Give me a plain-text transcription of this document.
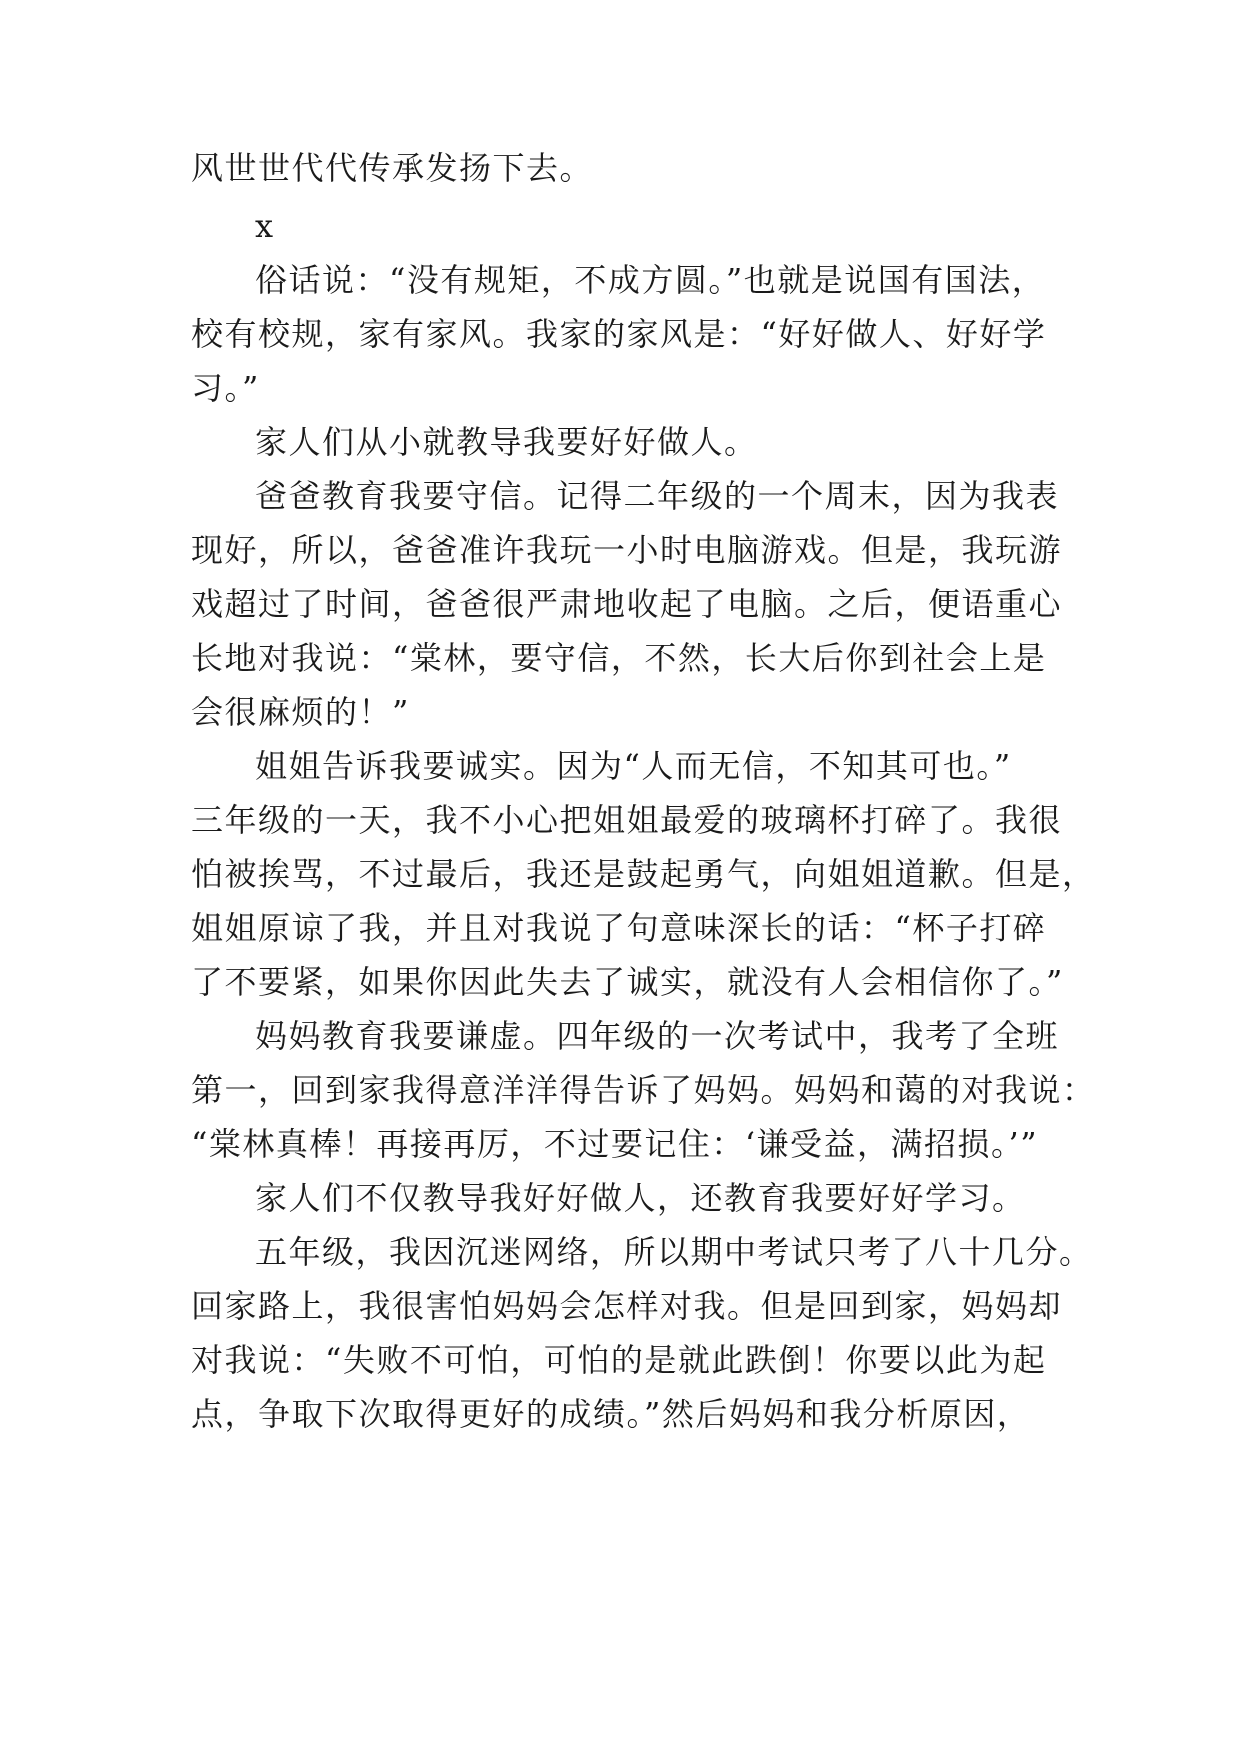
风世世代代传承发扬下去。
x
俗话说：“没有规矩，不成方圆。”也就是说国有国法，
校有校规，家有家风。我家的家风是：“好好做人、好好学
习。”
家人们从小就教导我要好好做人。
爸爸教育我要守信。记得二年级的一个周末，因为我表
现好，所以，爸爸准许我玩一小时电脑游戏。但是，我玩游
戏超过了时间，爸爸很严肃地收起了电脑。之后，便语重心
长地对我说：“棠林，要守信，不然，长大后你到社会上是
会很麻烦的！”
姐姐告诉我要诚实。因为“人而无信，不知其可也。”
三年级的一天，我不小心把姐姐最爱的玻璃杯打碎了。我很
怕被挨骂，不过最后，我还是鼓起勇气，向姐姐道歉。但是，
姐姐原谅了我，并且对我说了句意味深长的话：“杯子打碎
了不要紧，如果你因此失去了诚实，就没有人会相信你了。”
妈妈教育我要谦虚。四年级的一次考试中，我考了全班
第一，回到家我得意洋洋得告诉了妈妈。妈妈和蔼的对我说：
“棠林真棒！再接再厉，不过要记住：‘谦受益，满招损。’”
家人们不仅教导我好好做人，还教育我要好好学习。
五年级，我因沉迷网络，所以期中考试只考了八十几分。
回家路上，我很害怕妈妈会怎样对我。但是回到家，妈妈却
对我说：“失败不可怕，可怕的是就此跌倒！你要以此为起
点，争取下次取得更好的成绩。”然后妈妈和我分析原因，
